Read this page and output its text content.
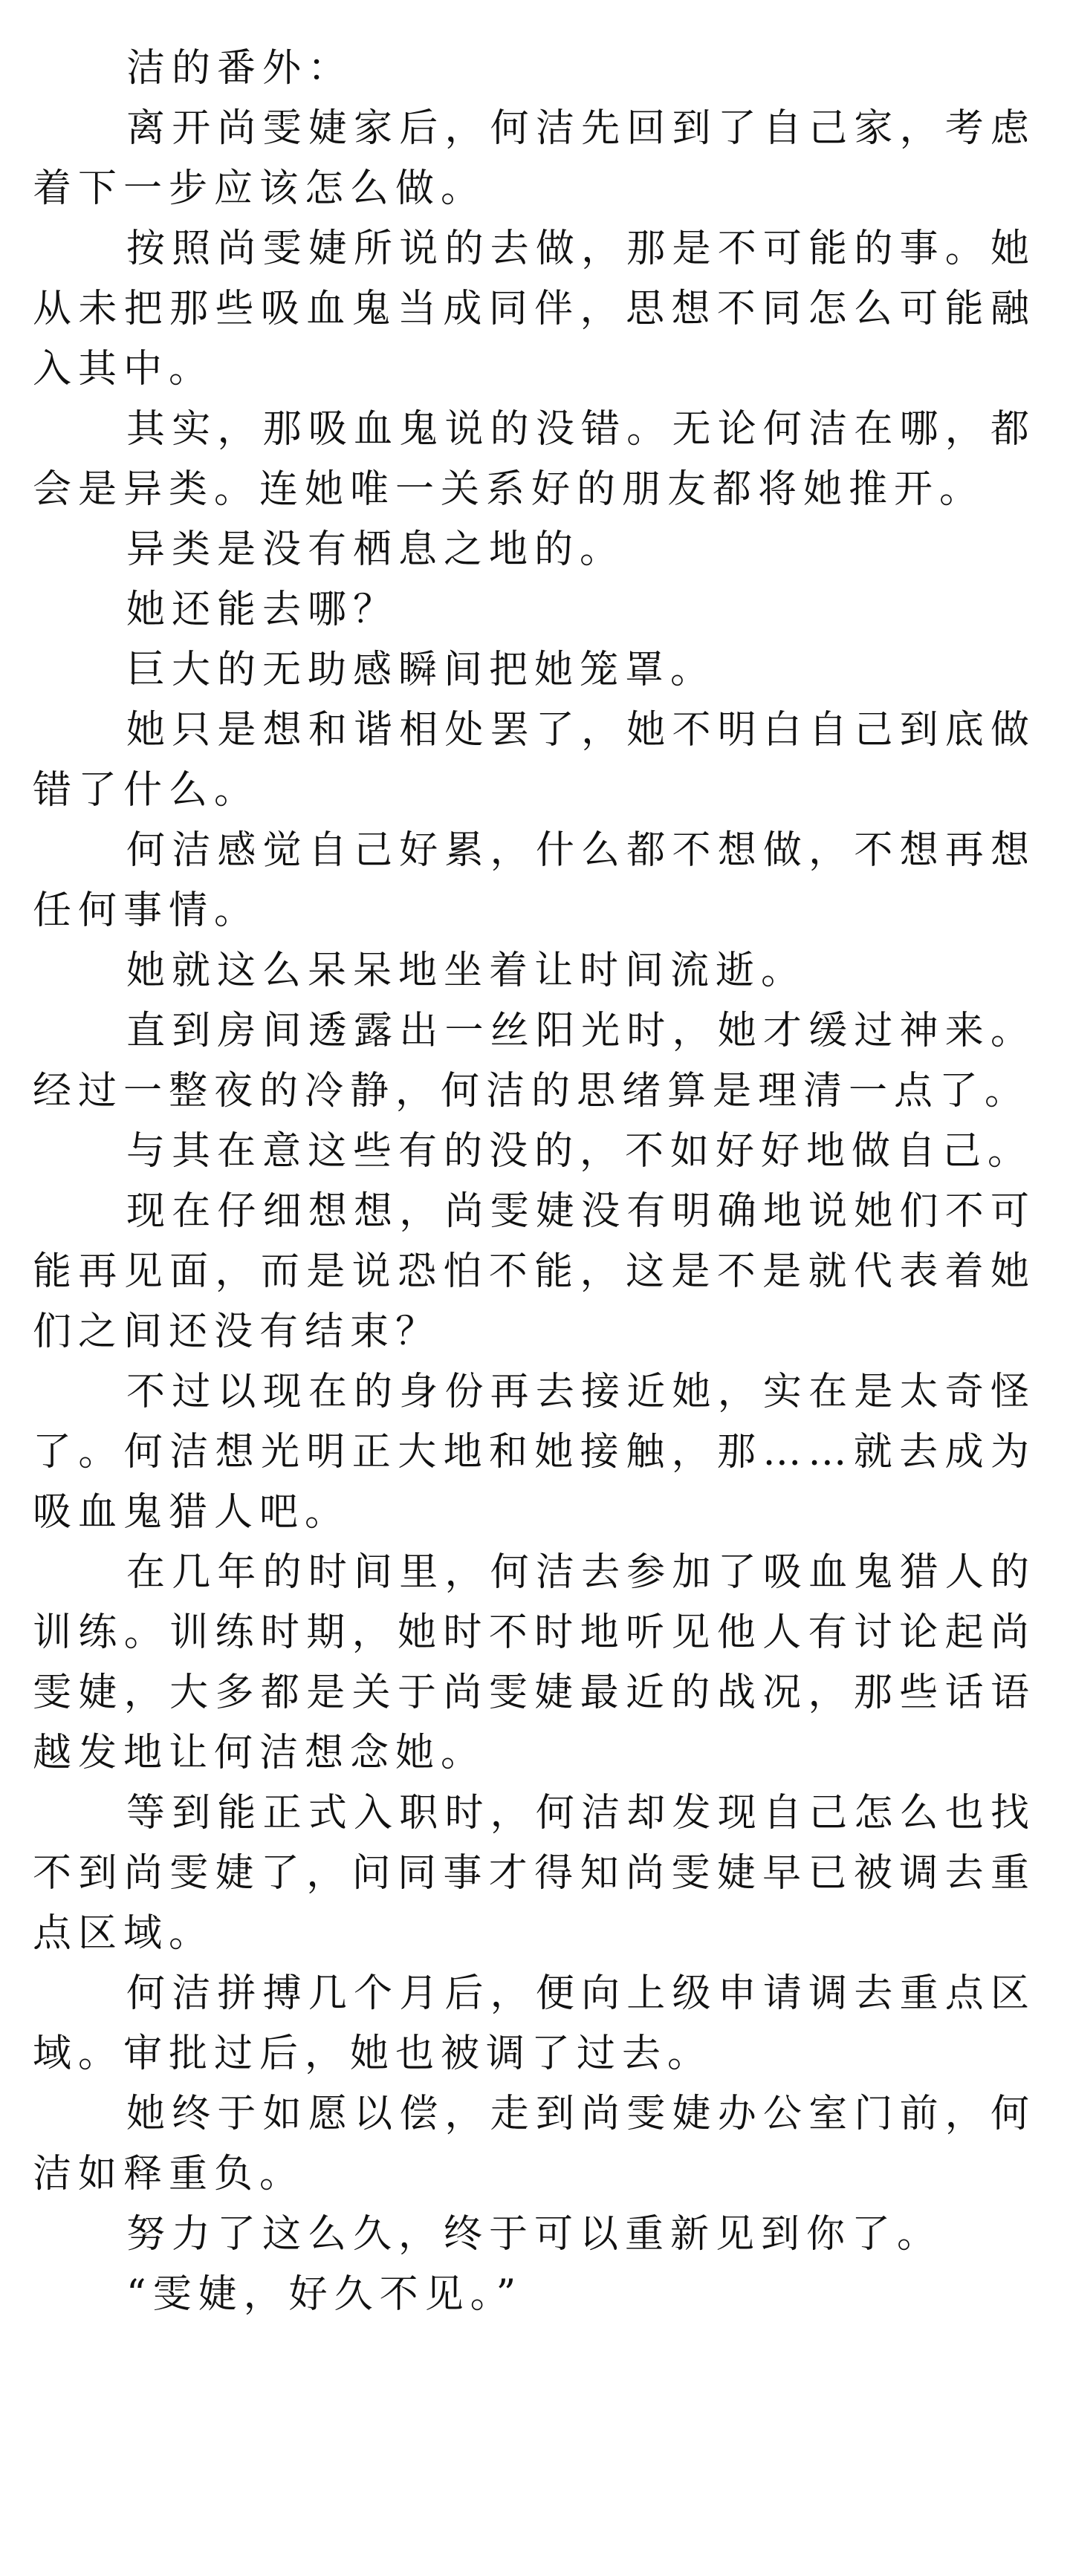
洁的番外：

离开尚雯婕家后，何洁先回到了自己家，考虑着下一步应该怎么做。

按照尚雯婕所说的去做，那是不可能的事。她从未把那些吸血鬼当成同伴，思想不同怎么可能融入其中。

其实，那吸血鬼说的没错。无论何洁在哪，都会是异类。连她唯一关系好的朋友都将她推开。

异类是没有栖息之地的。

她还能去哪？

巨大的无助感瞬间把她笼罩。

她只是想和谐相处罢了，她不明白自己到底做错了什么。

何洁感觉自己好累，什么都不想做，不想再想任何事情。

她就这么呆呆地坐着让时间流逝。

直到房间透露出一丝阳光时，她才缓过神来。经过一整夜的冷静，何洁的思绪算是理清一点了。

与其在意这些有的没的，不如好好地做自己。

现在仔细想想，尚雯婕没有明确地说她们不可能再见面，而是说恐怕不能，这是不是就代表着她们之间还没有结束？

不过以现在的身份再去接近她，实在是太奇怪了。何洁想光明正大地和她接触，那……就去成为吸血鬼猎人吧。

在几年的时间里，何洁去参加了吸血鬼猎人的训练。训练时期，她时不时地听见他人有讨论起尚雯婕，大多都是关于尚雯婕最近的战况，那些话语越发地让何洁想念她。

等到能正式入职时，何洁却发现自己怎么也找不到尚雯婕了，问同事才得知尚雯婕早已被调去重点区域。

何洁拼搏几个月后，便向上级申请调去重点区域。审批过后，她也被调了过去。

她终于如愿以偿，走到尚雯婕办公室门前，何洁如释重负。

努力了这么久，终于可以重新见到你了。

“雯婕，好久不见。”
